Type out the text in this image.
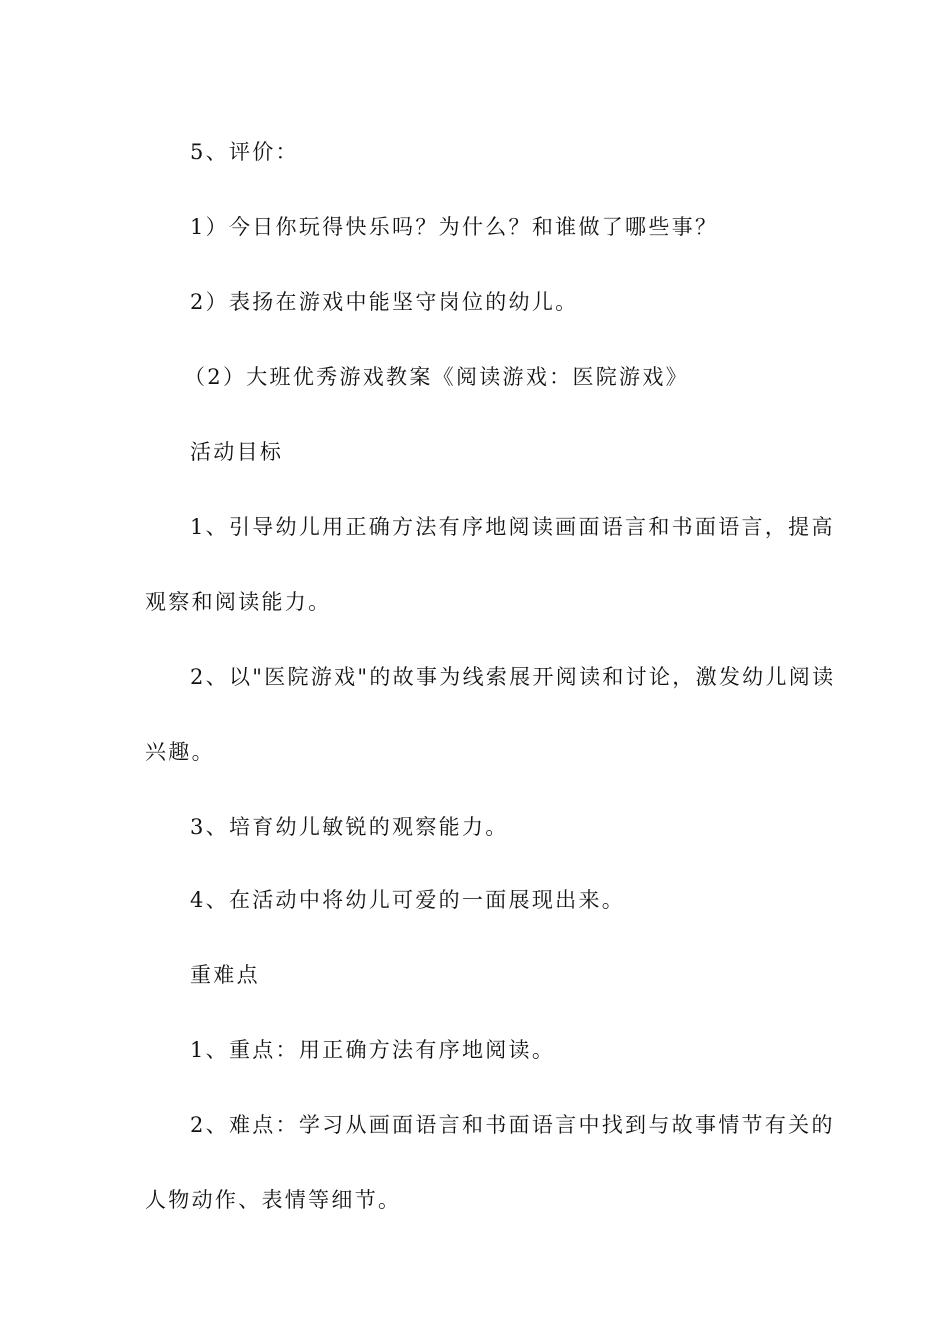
5、评价：

1）今日你玩得快乐吗？为什么？和谁做了哪些事？

2）表扬在游戏中能坚守岗位的幼儿。

（2）大班优秀游戏教案《阅读游戏：医院游戏》

活动目标

1、引导幼儿用正确方法有序地阅读画面语言和书面语言，提高

观察和阅读能力。

2、以"医院游戏"的故事为线索展开阅读和讨论，激发幼儿阅读

兴趣。

3、培育幼儿敏锐的观察能力。

4、在活动中将幼儿可爱的一面展现出来。

重难点

1、重点：用正确方法有序地阅读。

2、难点：学习从画面语言和书面语言中找到与故事情节有关的

人物动作、表情等细节。
